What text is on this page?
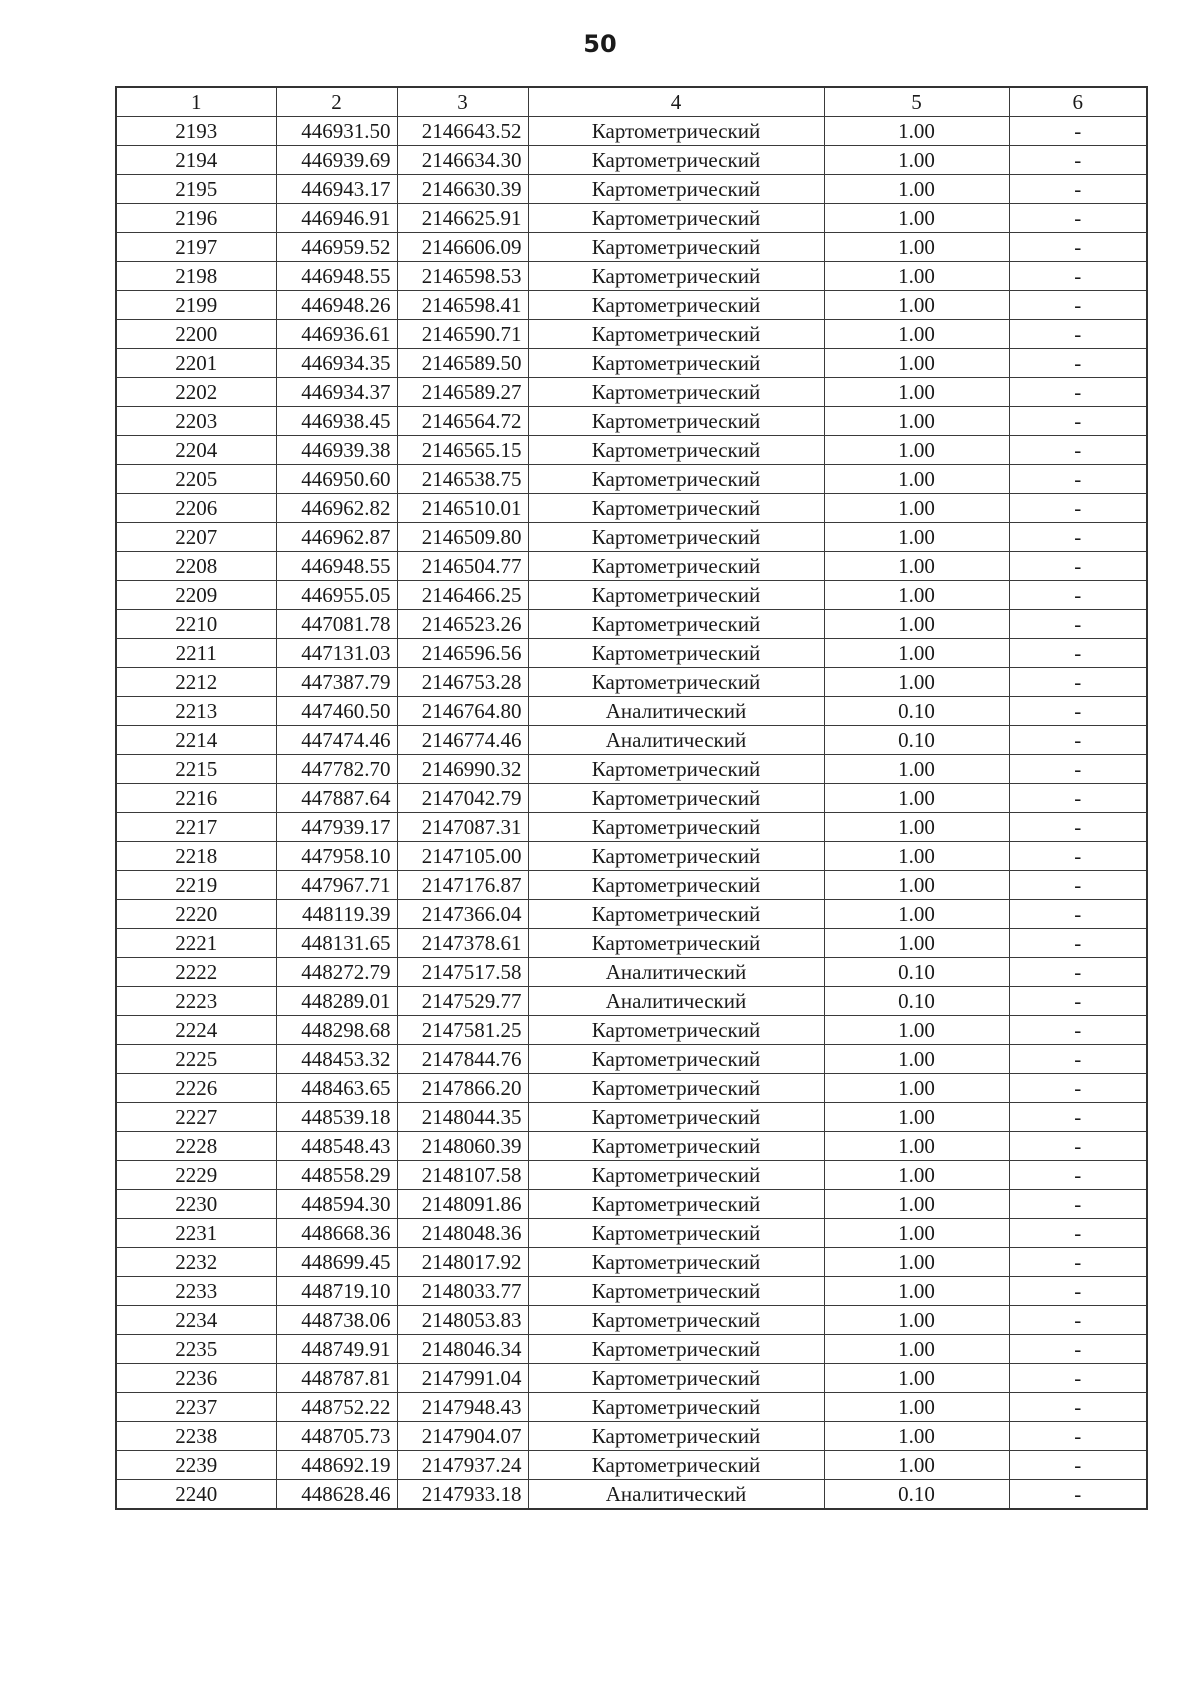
50
1	2	3	4	5	6
2193	446931.50	2146643.52	Картометрический	1.00	-
2194	446939.69	2146634.30	Картометрический	1.00	-
2195	446943.17	2146630.39	Картометрический	1.00	-
2196	446946.91	2146625.91	Картометрический	1.00	-
2197	446959.52	2146606.09	Картометрический	1.00	-
2198	446948.55	2146598.53	Картометрический	1.00	-
2199	446948.26	2146598.41	Картометрический	1.00	-
2200	446936.61	2146590.71	Картометрический	1.00	-
2201	446934.35	2146589.50	Картометрический	1.00	-
2202	446934.37	2146589.27	Картометрический	1.00	-
2203	446938.45	2146564.72	Картометрический	1.00	-
2204	446939.38	2146565.15	Картометрический	1.00	-
2205	446950.60	2146538.75	Картометрический	1.00	-
2206	446962.82	2146510.01	Картометрический	1.00	-
2207	446962.87	2146509.80	Картометрический	1.00	-
2208	446948.55	2146504.77	Картометрический	1.00	-
2209	446955.05	2146466.25	Картометрический	1.00	-
2210	447081.78	2146523.26	Картометрический	1.00	-
2211	447131.03	2146596.56	Картометрический	1.00	-
2212	447387.79	2146753.28	Картометрический	1.00	-
2213	447460.50	2146764.80	Аналитический	0.10	-
2214	447474.46	2146774.46	Аналитический	0.10	-
2215	447782.70	2146990.32	Картометрический	1.00	-
2216	447887.64	2147042.79	Картометрический	1.00	-
2217	447939.17	2147087.31	Картометрический	1.00	-
2218	447958.10	2147105.00	Картометрический	1.00	-
2219	447967.71	2147176.87	Картометрический	1.00	-
2220	448119.39	2147366.04	Картометрический	1.00	-
2221	448131.65	2147378.61	Картометрический	1.00	-
2222	448272.79	2147517.58	Аналитический	0.10	-
2223	448289.01	2147529.77	Аналитический	0.10	-
2224	448298.68	2147581.25	Картометрический	1.00	-
2225	448453.32	2147844.76	Картометрический	1.00	-
2226	448463.65	2147866.20	Картометрический	1.00	-
2227	448539.18	2148044.35	Картометрический	1.00	-
2228	448548.43	2148060.39	Картометрический	1.00	-
2229	448558.29	2148107.58	Картометрический	1.00	-
2230	448594.30	2148091.86	Картометрический	1.00	-
2231	448668.36	2148048.36	Картометрический	1.00	-
2232	448699.45	2148017.92	Картометрический	1.00	-
2233	448719.10	2148033.77	Картометрический	1.00	-
2234	448738.06	2148053.83	Картометрический	1.00	-
2235	448749.91	2148046.34	Картометрический	1.00	-
2236	448787.81	2147991.04	Картометрический	1.00	-
2237	448752.22	2147948.43	Картометрический	1.00	-
2238	448705.73	2147904.07	Картометрический	1.00	-
2239	448692.19	2147937.24	Картометрический	1.00	-
2240	448628.46	2147933.18	Аналитический	0.10	-
